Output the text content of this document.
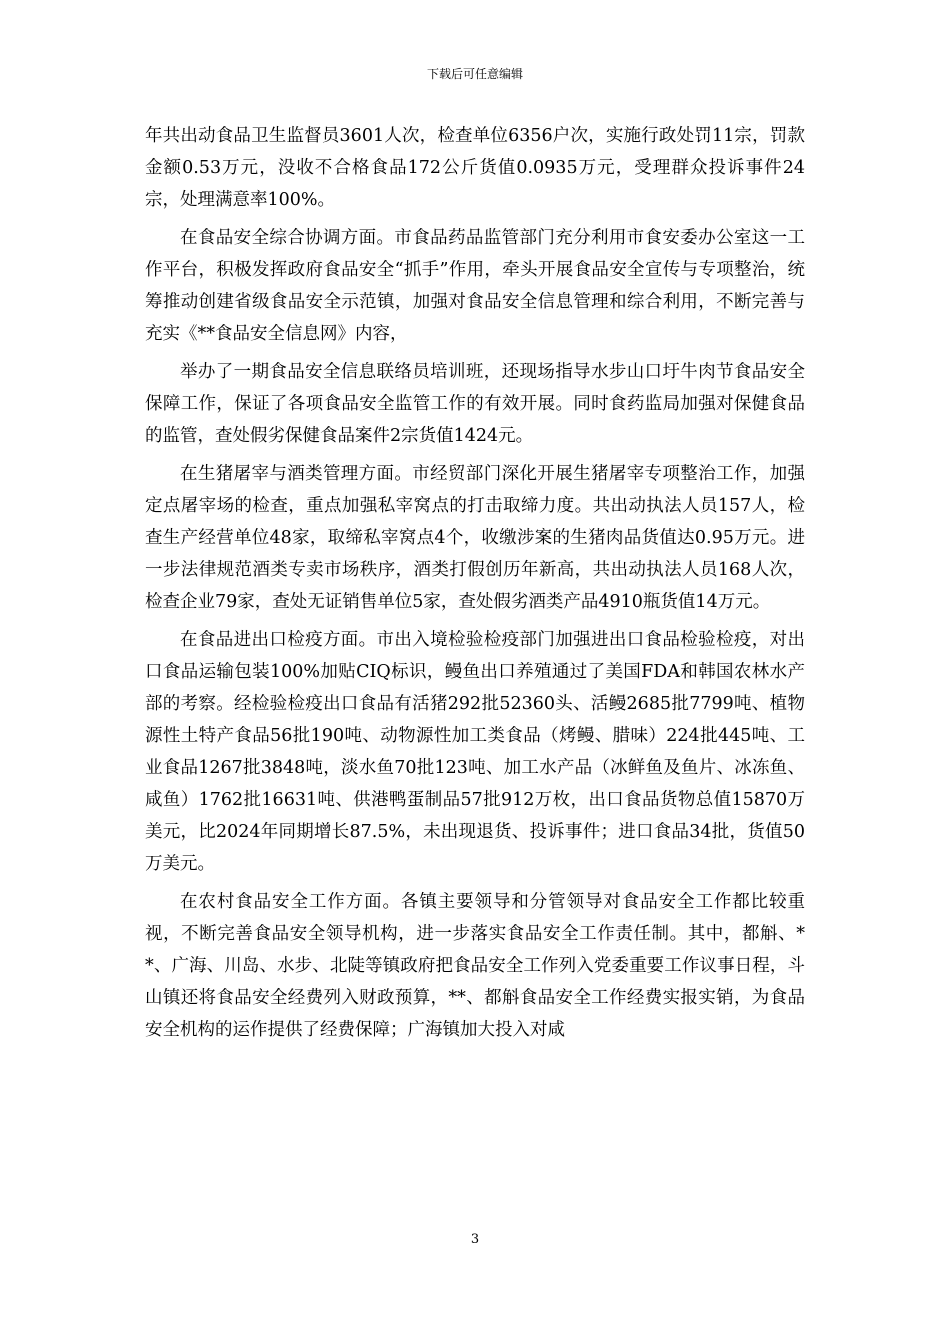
下载后可任意编辑

年共出动食品卫生监督员3601人次，检查单位6356户次，实施行政处罚11宗，罚款金额0.53万元，没收不合格食品172公斤货值0.0935万元，受理群众投诉事件24宗，处理满意率100%。

在食品安全综合协调方面。市食品药品监管部门充分利用市食安委办公室这一工作平台，积极发挥政府食品安全“抓手”作用，牵头开展食品安全宣传与专项整治，统筹推动创建省级食品安全示范镇，加强对食品安全信息管理和综合利用，不断完善与充实《**食品安全信息网》内容，

举办了一期食品安全信息联络员培训班，还现场指导水步山口圩牛肉节食品安全保障工作，保证了各项食品安全监管工作的有效开展。同时食药监局加强对保健食品的监管，查处假劣保健食品案件2宗货值1424元。

在生猪屠宰与酒类管理方面。市经贸部门深化开展生猪屠宰专项整治工作，加强定点屠宰场的检查，重点加强私宰窝点的打击取缔力度。共出动执法人员157人，检查生产经营单位48家，取缔私宰窝点4个，收缴涉案的生猪肉品货值达0.95万元。进一步法律规范酒类专卖市场秩序，酒类打假创历年新高，共出动执法人员168人次，检查企业79家，查处无证销售单位5家，查处假劣酒类产品4910瓶货值14万元。

在食品进出口检疫方面。市出入境检验检疫部门加强进出口食品检验检疫，对出口食品运输包装100%加贴CIQ标识，鳗鱼出口养殖通过了美国FDA和韩国农林水产部的考察。经检验检疫出口食品有活猪292批52360头、活鳗2685批7799吨、植物源性土特产食品56批190吨、动物源性加工类食品（烤鳗、腊味）224批445吨、工业食品1267批3848吨，淡水鱼70批123吨、加工水产品（冰鲜鱼及鱼片、冰冻鱼、咸鱼）1762批16631吨、供港鸭蛋制品57批912万枚，出口食品货物总值15870万美元，比2024年同期增长87.5%，未出现退货、投诉事件；进口食品34批，货值50万美元。

在农村食品安全工作方面。各镇主要领导和分管领导对食品安全工作都比较重视，不断完善食品安全领导机构，进一步落实食品安全工作责任制。其中，都斛、**、广海、川岛、水步、北陡等镇政府把食品安全工作列入党委重要工作议事日程，斗山镇还将食品安全经费列入财政预算，**、都斛食品安全工作经费实报实销，为食品安全机构的运作提供了经费保障；广海镇加大投入对咸

3
